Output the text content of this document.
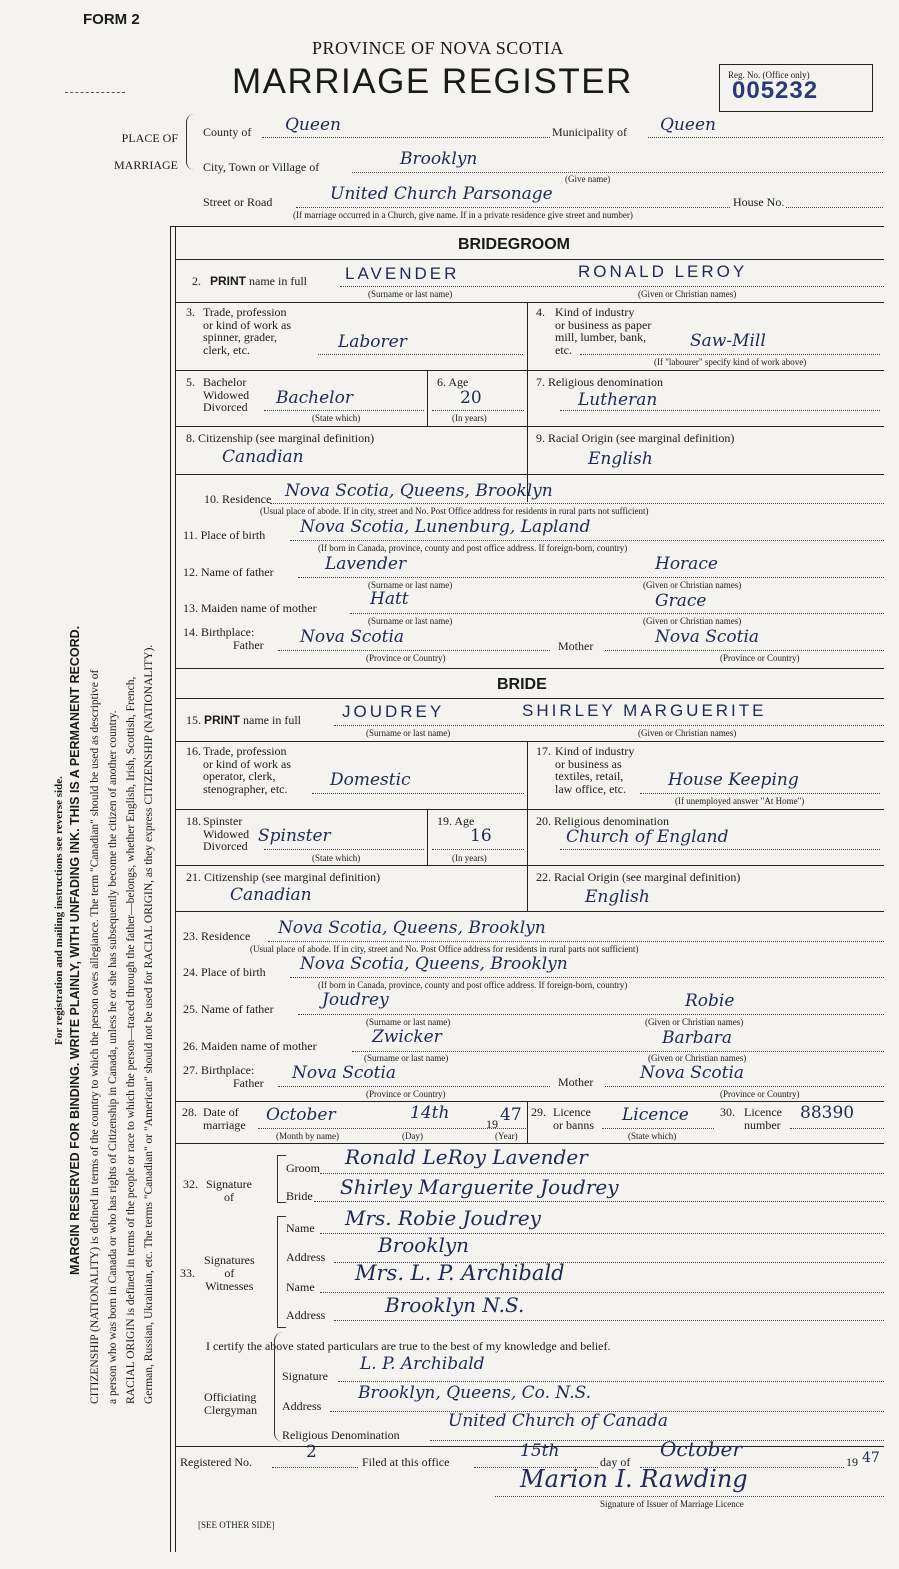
FORM 2
PROVINCE OF NOVA SCOTIA
MARRIAGE REGISTER	Reg. No. (Office only)
005232
PLACE OF
MARRIAGE
County of Queen	Municipality of Queen
City, Town or Village of	Brooklyn
(Give name)
Street or Road	United Church Parsonage	House No.
(If marriage occurred in a Church, give name. If in a private residence give street and number)
For registration and mailing instructions see reverse side. MARGIN RESERVED FOR BINDING. WRITE PLAINLY, WITH UNFADING INK. THIS IS A PERMANENT RECORD. CITIZENSHIP (NATIONALITY) is defined in terms of the country to which the person owes allegiance. The term "Canadian" should be used as descriptive of a person who was born in Canada or who has rights of Citizenship in Canada, unless he or she has subsequently become the citizen of another country. RACIAL ORIGIN is defined in terms of the people or race to which the person—traced through the father—belongs, whether English, Irish, Scottish, French, German, Russian, Ukrainian, etc. The terms "Canadian" or "American" should not be used for RACIAL ORIGIN, as they express CITIZENSHIP (NATIONALITY).
BRIDEGROOM
2. PRINT name in full LAVENDER	RONALD LEROY
(Surname or last name)	(Given or Christian names)
3. Trade, profession
or kind of work as
spinner, grader,
clerk, etc.	Laborer
4. Kind of industry
or business as paper
mill, lumber, bank,
etc.	Saw-Mill
(If "labourer" specify kind of work above)
5. Bachelor
Widowed
Divorced Bachelor
(State which)
6. Age
20
(In years)
7. Religious denomination
Lutheran
8. Citizenship (see marginal definition)
Canadian
9. Racial Origin (see marginal definition)
English
10. Residence Nova Scotia, Queens, Brooklyn
(Usual place of abode. If in city, street and No. Post Office address for residents in rural parts not sufficient)
11. Place of birth Nova Scotia, Lunenburg, Lapland
(If born in Canada, province, county and post office address. If foreign-born, country)
12. Name of father	Lavender	Horace
(Surname or last name)	(Given or Christian names)
13. Maiden name of mother	Hatt	Grace
(Surname or last name)	(Given or Christian names)
14. Birthplace:
Father Nova Scotia	Mother	Nova Scotia
(Province or Country)	(Province or Country)
BRIDE
15. PRINT name in full JOUDREY	SHIRLEY MARGUERITE
(Surname or last name)	(Given or Christian names)
16. Trade, profession
or kind of work as
operator, clerk,
stenographer, etc.	Domestic
17. Kind of industry
or business as
textiles, retail,
law office, etc.	House Keeping
(If unemployed answer "At Home")
18. Spinster
Widowed
Divorced Spinster
(State which)
19. Age
16
(In years)
20. Religious denomination
Church of England
21. Citizenship (see marginal definition)
Canadian
22. Racial Origin (see marginal definition)
English
23. Residence Nova Scotia, Queens, Brooklyn
(Usual place of abode. If in city, street and No. Post Office address for residents in rural parts not sufficient)
24. Place of birth Nova Scotia, Queens, Brooklyn
(If born in Canada, province, county and post office address. If foreign-born, country)
25. Name of father	Joudrey	Robie
(Surname or last name)	(Given or Christian names)
26. Maiden name of mother	Zwicker	Barbara
(Surname or last name)	(Given or Christian names)
27. Birthplace:
Father Nova Scotia	Mother	Nova Scotia
(Province or Country)	(Province or Country)
28. Date of
marriage October	14th
19 47
(Month by name)	(Day)	(Year)
29. Licence
or banns Licence
(State which)
30. Licence
number
88390
32. Signature
of
Groom Ronald LeRoy Lavender
Bride Shirley Marguerite Joudrey
33.
Signatures
of
Witnesses
Name Mrs. Robie Joudrey
Address	Brooklyn
Name
Mrs. L. P. Archibald
Address	Brooklyn N.S.
I certify the above stated particulars are true to the best of my knowledge and belief.
Officiating
Clergyman
Signature
L. P. Archibald
Address
Brooklyn, Queens, Co. N.S.
Religious Denomination
United Church of Canada
Registered No.	2	Filed at this office
15th
day of
October
19 47
Marion I. Rawding
Signature of Issuer of Marriage Licence
[SEE OTHER SIDE]
